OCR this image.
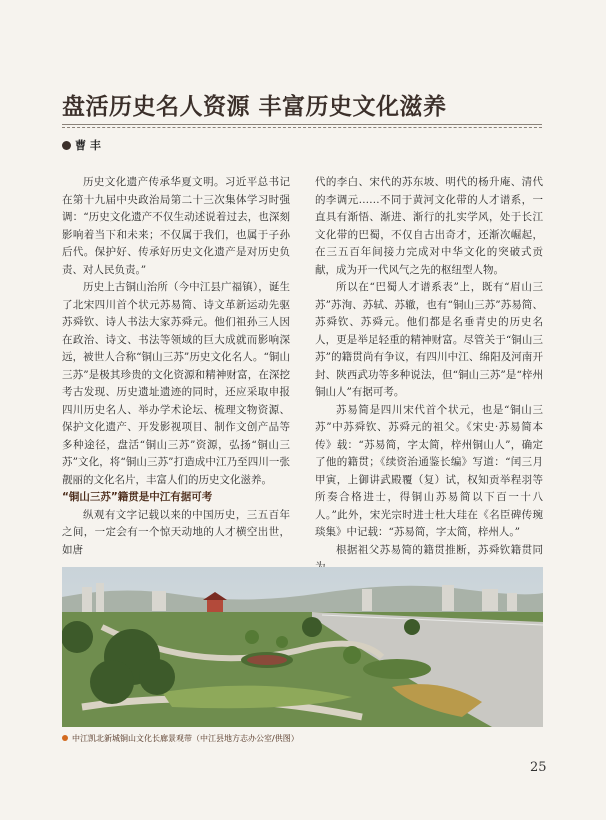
盘活历史名人资源 丰富历史文化滋养
曹 丰

历史文化遗产传承华夏文明。习近平总书记在第十九届中央政治局第二十三次集体学习时强调：“历史文化遗产不仅生动述说着过去，也深刻影响着当下和未来；不仅属于我们，也属于子孙后代。保护好、传承好历史文化遗产是对历史负责、对人民负责。”

历史上古铜山治所（今中江县广福镇），诞生了北宋四川首个状元苏易简、诗文革新运动先驱苏舜钦、诗人书法大家苏舜元。他们祖孙三人因在政治、诗文、书法等领域的巨大成就而影响深远，被世人合称“铜山三苏”历史文化名人。“铜山三苏”是极其珍贵的文化资源和精神财富，在深挖考古发现、历史遗址遗迹的同时，还应采取申报四川历史名人、举办学术论坛、梳理文物资源、保护文化遗产、开发影视项目、制作文创产品等多种途径，盘活“铜山三苏”资源，弘扬“铜山三苏”文化，将“铜山三苏”打造成中江乃至四川一张靓丽的文化名片，丰富人们的历史文化滋养。

“铜山三苏”籍贯是中江有据可考

纵观有文字记载以来的中国历史，三五百年之间，一定会有一个惊天动地的人才横空出世，如唐

代的李白、宋代的苏东坡、明代的杨升庵、清代的李调元……不同于黄河文化带的人才谱系，一直具有渐悟、渐进、渐行的扎实学风，处于长江文化带的巴蜀，不仅自古出奇才，还渐次崛起，在三五百年间接力完成对中华文化的突破式贡献，成为开一代风气之先的枢纽型人物。

所以在“巴蜀人才谱系表”上，既有“眉山三苏”苏洵、苏轼、苏辙，也有“铜山三苏”苏易简、苏舜钦、苏舜元。他们都是名垂青史的历史名人，更是举足轻重的精神财富。尽管关于“铜山三苏”的籍贯尚有争议，有四川中江、绵阳及河南开封、陕西武功等多种说法，但“铜山三苏”是“梓州铜山人”有据可考。

苏易简是四川宋代首个状元，也是“铜山三苏”中苏舜钦、苏舜元的祖父。《宋史·苏易简本传》载：“苏易简，字太简，梓州铜山人”，确定了他的籍贯；《续资治通鉴长编》写道：“闰三月甲寅，上御讲武殿覆（复）试，权知贡举程羽等所奏合格进士，得铜山苏易简以下百一十八人。”此外，宋光宗时进士杜大珪在《名臣碑传琬琰集》中记载：“苏易简，字太简，梓州人。”

根据祖父苏易简的籍贯推断，苏舜钦籍贯同

中江凯北新城铜山文化长廊景观带（中江县地方志办公室/供图）
25
